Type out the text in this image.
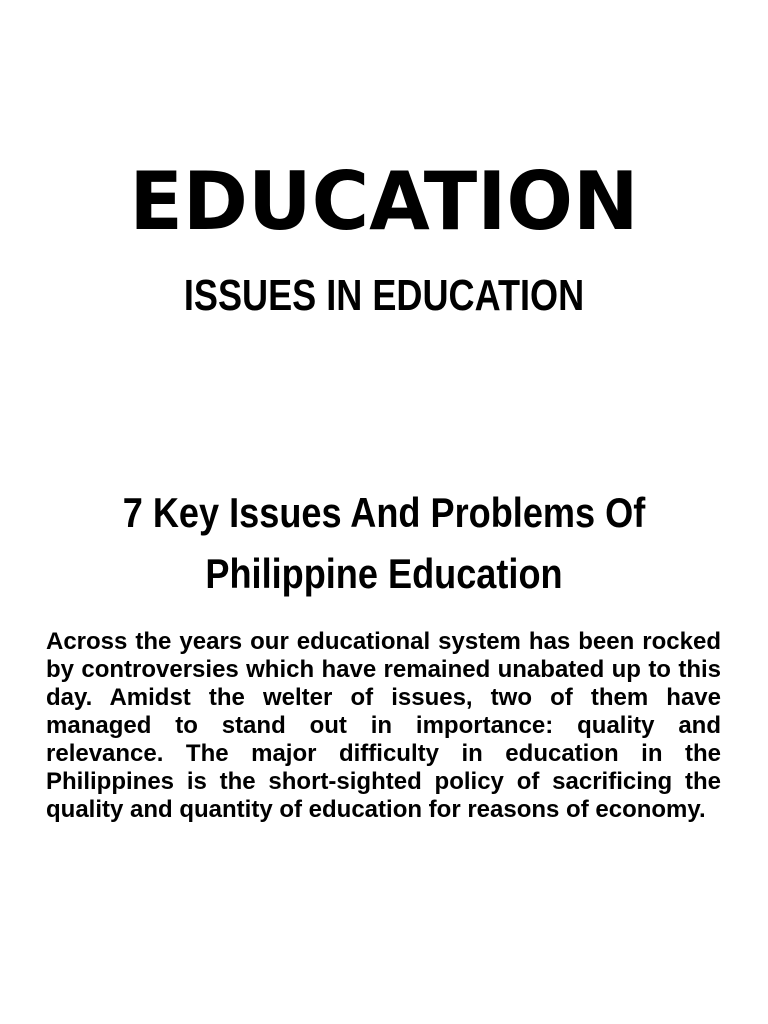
EDUCATION
ISSUES IN EDUCATION
7 Key Issues And Problems Of
Philippine Education

Across the years our educational system has been rocked by controversies which have remained unabated up to this day. Amidst the welter of issues, two of them have managed to stand out in importance: quality and relevance. The major difficulty in education in the Philippines is the short-sighted policy of sacrificing the quality and quantity of education for reasons of economy.
